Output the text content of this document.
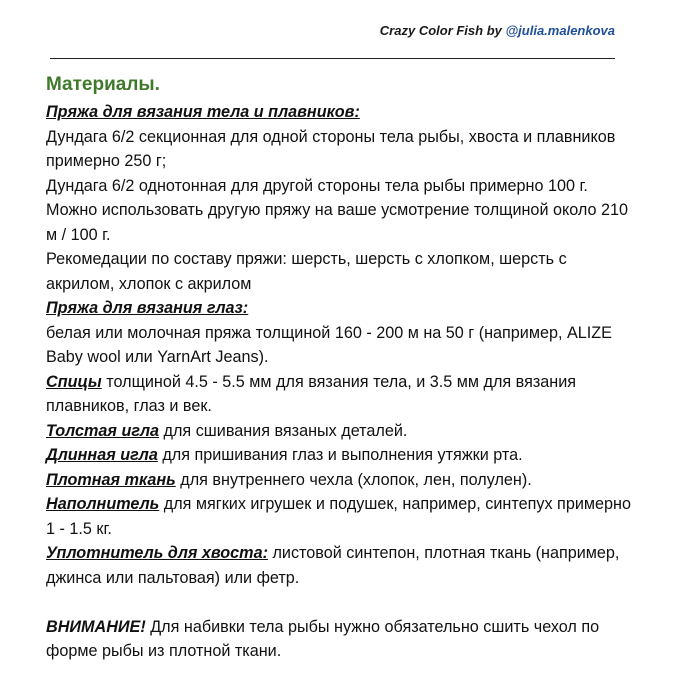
Crazy Color Fish by @julia.malenkova

Материалы.

Пряжа для вязания тела и плавников:

Дундага 6/2 секционная для одной стороны тела рыбы, хвоста и плавников примерно 250 г;

Дундага 6/2 однотонная для другой стороны тела рыбы примерно 100 г.

Можно использовать другую пряжу на ваше усмотрение толщиной около 210 м / 100 г.

Рекомедации по составу пряжи: шерсть, шерсть с хлопком, шерсть с акрилом, хлопок с акрилом

Пряжа для вязания глаз:

белая или молочная пряжа толщиной 160 - 200 м на 50 г (например, ALIZE Baby wool или YarnArt Jeans).

Спицы толщиной 4.5 - 5.5 мм для вязания тела, и 3.5 мм для вязания плавников, глаз и век.

Толстая игла для сшивания вязаных деталей.

Длинная игла для пришивания глаз и выполнения утяжки рта.

Плотная ткань для внутреннего чехла (хлопок, лен, полулен).

Наполнитель для мягких игрушек и подушек, например, синтепух примерно 1 - 1.5 кг.

Уплотнитель для хвоста: листовой синтепон, плотная ткань (например, джинса или пальтовая) или фетр.

ВНИМАНИЕ! Для набивки тела рыбы нужно обязательно сшить чехол по форме рыбы из плотной ткани.
